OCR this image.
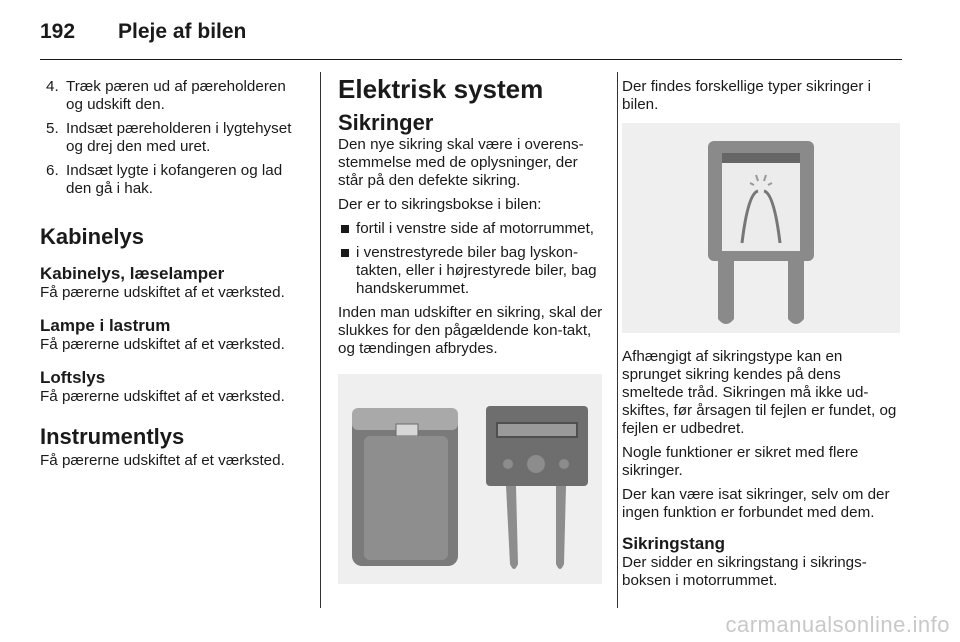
192 Pleje af bilen
4. Træk pæren ud af pæreholderen og udskift den.
5. Indsæt pæreholderen i lygtehyset og drej den med uret.
6. Indsæt lygte i kofangeren og lad den gå i hak.
Kabinelys
Kabinelys, læselamper

Få pærerne udskiftet af et værksted.

Lampe i lastrum

Få pærerne udskiftet af et værksted.

Loftslys

Få pærerne udskiftet af et værksted.

Instrumentlys

Få pærerne udskiftet af et værksted.

Elektrisk system
Sikringer

Den nye sikring skal være i overens-stemmelse med de oplysninger, der står på den defekte sikring.

Der er to sikringsbokse i bilen:

fortil i venstre side af motorrummet,
i venstrestyrede biler bag lyskon-takten, eller i højrestyrede biler, bag handskerummet.

Inden man udskifter en sikring, skal der slukkes for den pågældende kon-takt, og tændingen afbrydes.

Der findes forskellige typer sikringer i bilen.

Afhængigt af sikringstype kan en sprunget sikring kendes på dens smeltede tråd. Sikringen må ikke ud-skiftes, før årsagen til fejlen er fundet, og fejlen er udbedret.

Nogle funktioner er sikret med flere sikringer.

Der kan være isat sikringer, selv om der ingen funktion er forbundet med dem.

Sikringstang

Der sidder en sikringstang i sikrings-boksen i motorrummet.

carmanualsonline.info
